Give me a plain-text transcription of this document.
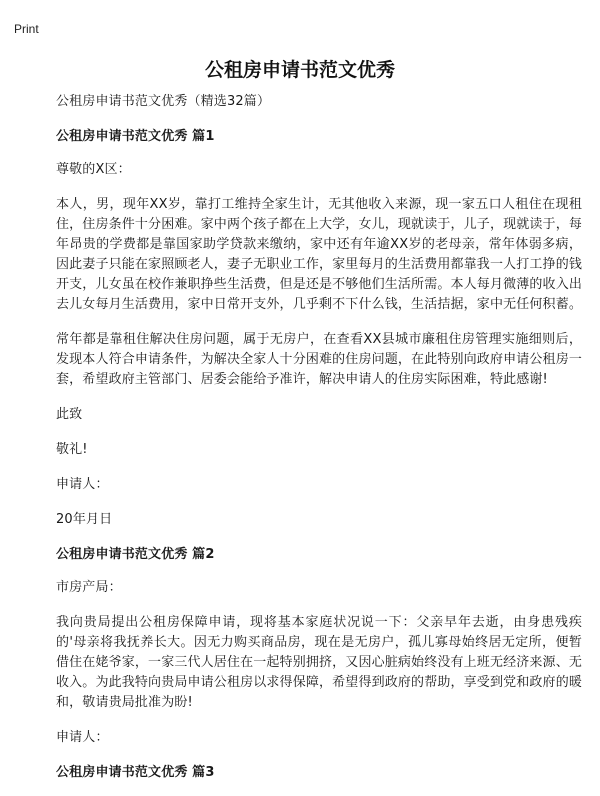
Print
公租房申请书范文优秀

公租房申请书范文优秀（精选32篇）

公租房申请书范文优秀 篇1

尊敬的X区：

本人，男，现年XX岁，靠打工维持全家生计，无其他收入来源，现一家五口人租住在现租住，住房条件十分困难。家中两个孩子都在上大学，女儿，现就读于，儿子，现就读于，每年昂贵的学费都是靠国家助学贷款来缴纳，家中还有年逾XX岁的老母亲，常年体弱多病，因此妻子只能在家照顾老人，妻子无职业工作，家里每月的生活费用都靠我一人打工挣的钱开支，儿女虽在校作兼职挣些生活费，但是还是不够他们生活所需。本人每月微薄的收入出去儿女每月生活费用，家中日常开支外，几乎剩不下什么钱，生活拮据，家中无任何积蓄。

常年都是靠租住解决住房问题，属于无房户，在查看XX县城市廉租住房管理实施细则后，发现本人符合申请条件，为解决全家人十分困难的住房问题，在此特别向政府申请公租房一套，希望政府主管部门、居委会能给予准许，解决申请人的住房实际困难，特此感谢!

此致

敬礼!

申请人：

20年月日

公租房申请书范文优秀 篇2

市房产局：

我向贵局提出公租房保障申请，现将基本家庭状况说一下：父亲早年去逝，由身患残疾的'母亲将我抚养长大。因无力购买商品房，现在是无房户，孤儿寡母始终居无定所，便暂借住在姥爷家，一家三代人居住在一起特别拥挤，又因心脏病始终没有上班无经济来源、无收入。为此我特向贵局申请公租房以求得保障，希望得到政府的帮助，享受到党和政府的暖和，敬请贵局批准为盼!

申请人：

公租房申请书范文优秀 篇3
